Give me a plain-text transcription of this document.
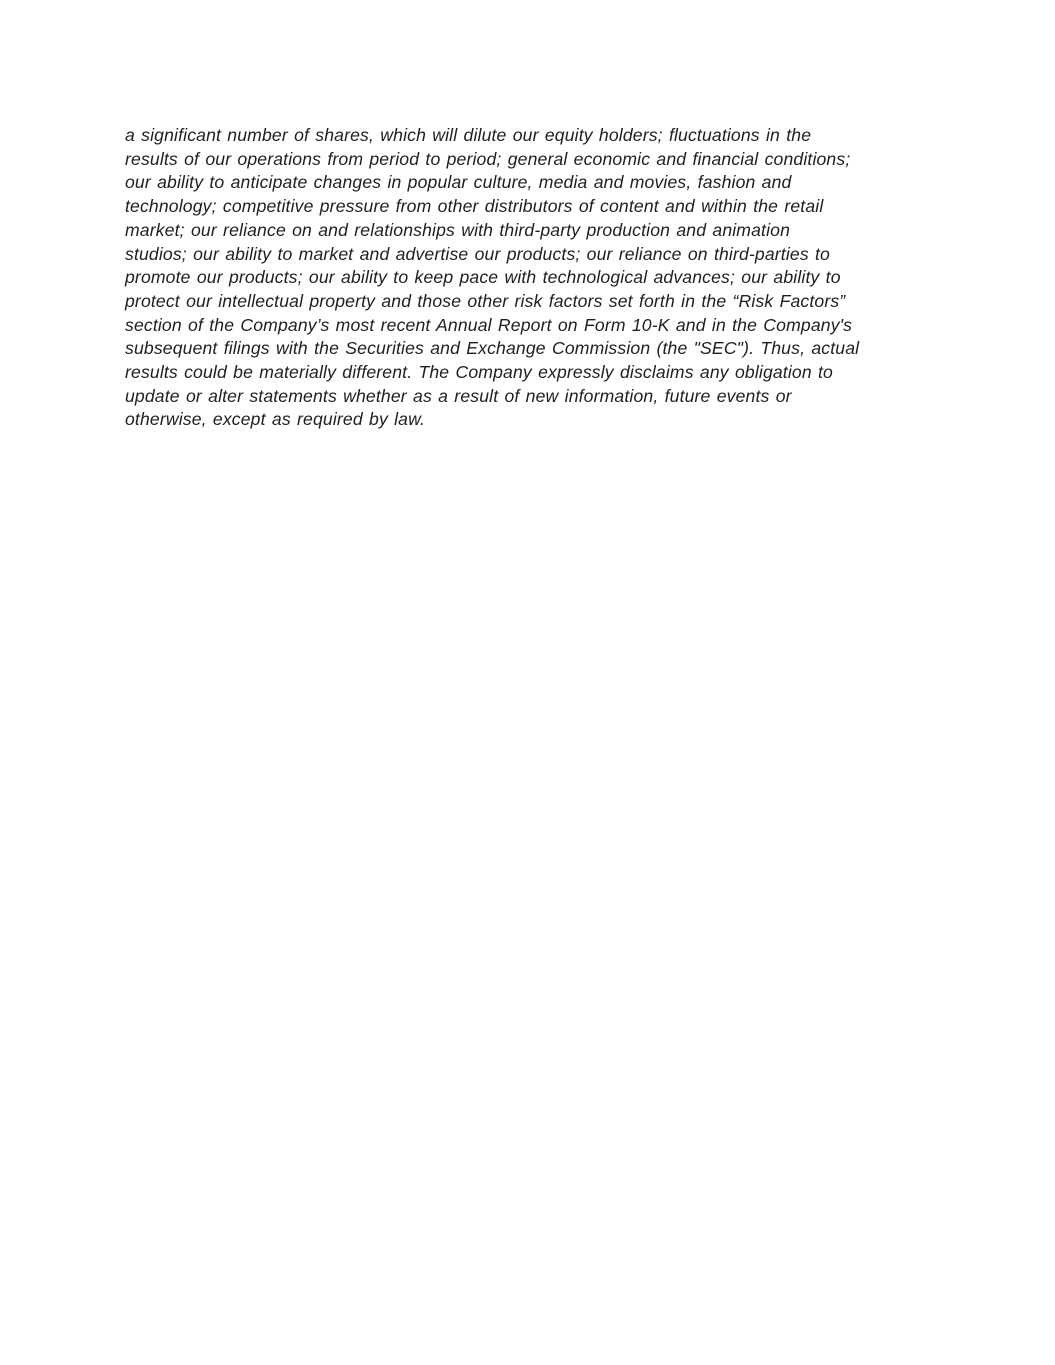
a significant number of shares, which will dilute our equity holders; fluctuations in the
results of our operations from period to period; general economic and financial conditions;
our ability to anticipate changes in popular culture, media and movies, fashion and
technology; competitive pressure from other distributors of content and within the retail
market; our reliance on and relationships with third-party production and animation
studios; our ability to market and advertise our products; our reliance on third-parties to
promote our products; our ability to keep pace with technological advances; our ability to
protect our intellectual property and those other risk factors set forth in the “Risk Factors”
section of the Company’s most recent Annual Report on Form 10-K and in the Company's
subsequent filings with the Securities and Exchange Commission (the "SEC"). Thus, actual
results could be materially different. The Company expressly disclaims any obligation to
update or alter statements whether as a result of new information, future events or
otherwise, except as required by law.
